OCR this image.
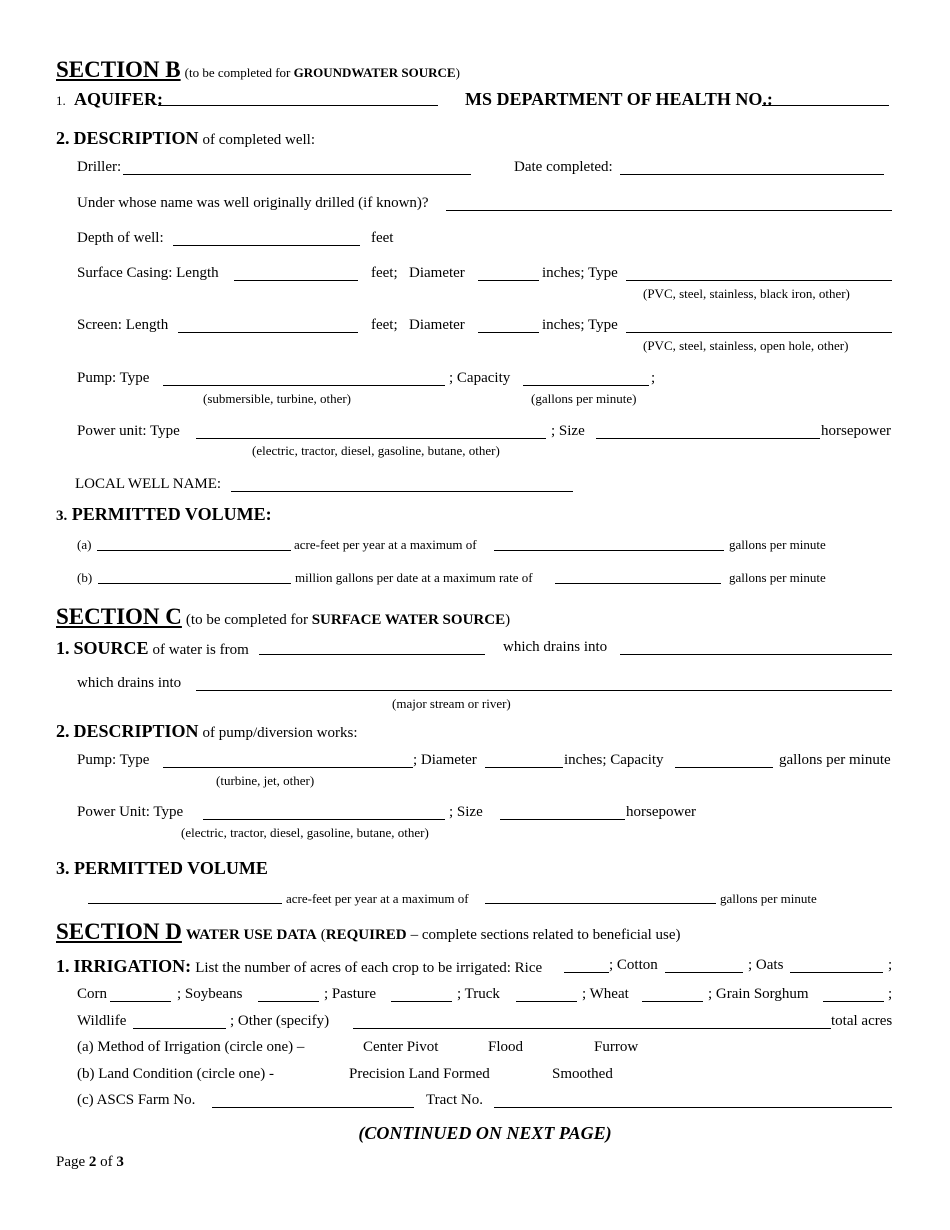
SECTION B (to be completed for GROUNDWATER SOURCE)
1. AQUIFER:	MS DEPARTMENT OF HEALTH NO.:
2. DESCRIPTION of completed well:
Driller:	Date completed:
Under whose name was well originally drilled (if known)?
Depth of well:	feet
Surface Casing: Length	feet; Diameter	inches; Type
(PVC, steel, stainless, black iron, other)
Screen: Length	feet; Diameter	inches; Type
(PVC, steel, stainless, open hole, other)
Pump: Type	; Capacity	;
(submersible, turbine, other)	(gallons per minute)
Power unit: Type	; Size	horsepower
(electric, tractor, diesel, gasoline, butane, other)
LOCAL WELL NAME:
3. PERMITTED VOLUME:
(a)	acre-feet per year at a maximum of	gallons per minute
(b)	million gallons per date at a maximum rate of	gallons per minute
SECTION C (to be completed for SURFACE WATER SOURCE)
1. SOURCE of water is from	which drains into
which drains into
(major stream or river)
2. DESCRIPTION of pump/diversion works:
Pump: Type	; Diameter	inches; Capacity	gallons per minute
(turbine, jet, other)
Power Unit: Type	; Size	horsepower
(electric, tractor, diesel, gasoline, butane, other)
3. PERMITTED VOLUME
acre-feet per year at a maximum of	gallons per minute
SECTION D WATER USE DATA (REQUIRED – complete sections related to beneficial use)
1. IRRIGATION: List the number of acres of each crop to be irrigated: Rice	; Cotton	; Oats	;
Corn	; Soybeans	; Pasture	; Truck	; Wheat	; Grain Sorghum	;
Wildlife	; Other (specify)	total acres
(a) Method of Irrigation (circle one) –	Center Pivot	Flood	Furrow
(b) Land Condition (circle one) -	Precision Land Formed	Smoothed
(c) ASCS Farm No.	Tract No.
(CONTINUED ON NEXT PAGE)
Page 2 of 3
